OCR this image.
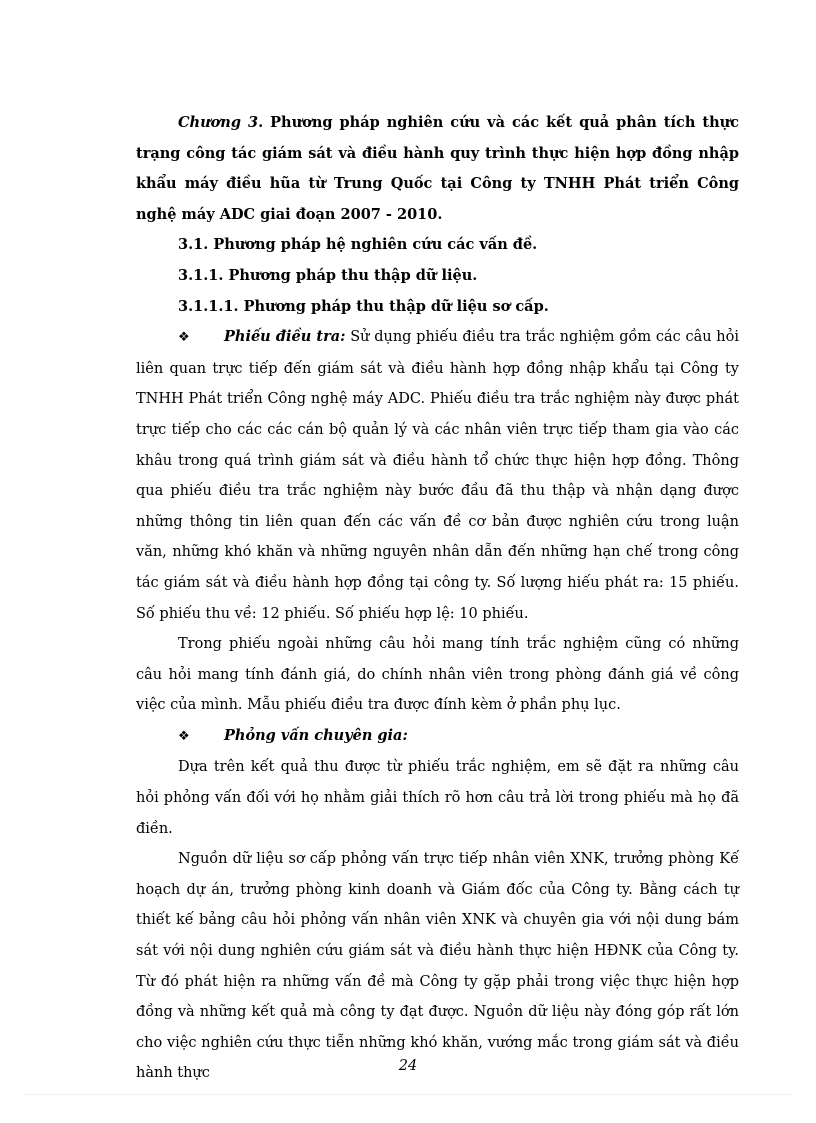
Chương 3. Phương pháp nghiên cứu và các kết quả phân tích thực trạng công tác giám sát và điều hành quy trình thực hiện hợp đồng nhập khẩu máy điều hũa từ Trung Quốc tại Công ty TNHH Phát triển Công nghệ máy ADC giai đoạn 2007 - 2010.

3.1. Phương pháp hệ nghiên cứu các vấn đề.

3.1.1. Phương pháp thu thập dữ liệu.

3.1.1.1. Phương pháp thu thập dữ liệu sơ cấp.

❖ Phiếu điều tra: Sử dụng phiếu điều tra trắc nghiệm gồm các câu hỏi liên quan trực tiếp đến giám sát và điều hành hợp đồng nhập khẩu tại Công ty TNHH Phát triển Công nghệ máy ADC. Phiếu điều tra trắc nghiệm này được phát trực tiếp cho các các cán bộ quản lý và các nhân viên trực tiếp tham gia vào các khâu trong quá trình giám sát và điều hành tổ chức thực hiện hợp đồng. Thông qua phiếu điều tra trắc nghiệm này bước đầu đã thu thập và nhận dạng được những thông tin liên quan đến các vấn đề cơ bản được nghiên cứu trong luận văn, những khó khăn và những nguyên nhân dẫn đến những hạn chế trong công tác giám sát và điều hành hợp đồng tại công ty. Số lượng hiếu phát ra: 15 phiếu. Số phiếu thu về: 12 phiếu. Số phiếu hợp lệ: 10 phiếu.

Trong phiếu ngoài những câu hỏi mang tính trắc nghiệm cũng có những câu hỏi mang tính đánh giá, do chính nhân viên trong phòng đánh giá về công việc của mình. Mẫu phiếu điều tra được đính kèm ở phần phụ lục.

❖ Phỏng vấn chuyên gia:

Dựa trên kết quả thu được từ phiếu trắc nghiệm, em sẽ đặt ra những câu hỏi phỏng vấn đối với họ nhằm giải thích rõ hơn câu trả lời trong phiếu mà họ đã điền.

Nguồn dữ liệu sơ cấp phỏng vấn trực tiếp nhân viên XNK, trưởng phòng Kế hoạch dự án, trưởng phòng kinh doanh và Giám đốc của Công ty. Bằng cách tự thiết kế bảng câu hỏi phỏng vấn nhân viên XNK và chuyên gia với nội dung bám sát với nội dung nghiên cứu giám sát và điều hành thực hiện HĐNK của Công ty. Từ đó phát hiện ra những vấn đề mà Công ty gặp phải trong việc thực hiện hợp đồng và những kết quả mà công ty đạt được. Nguồn dữ liệu này đóng góp rất lớn cho việc nghiên cứu thực tiễn những khó khăn, vướng mắc trong giám sát và điều hành thực	24
